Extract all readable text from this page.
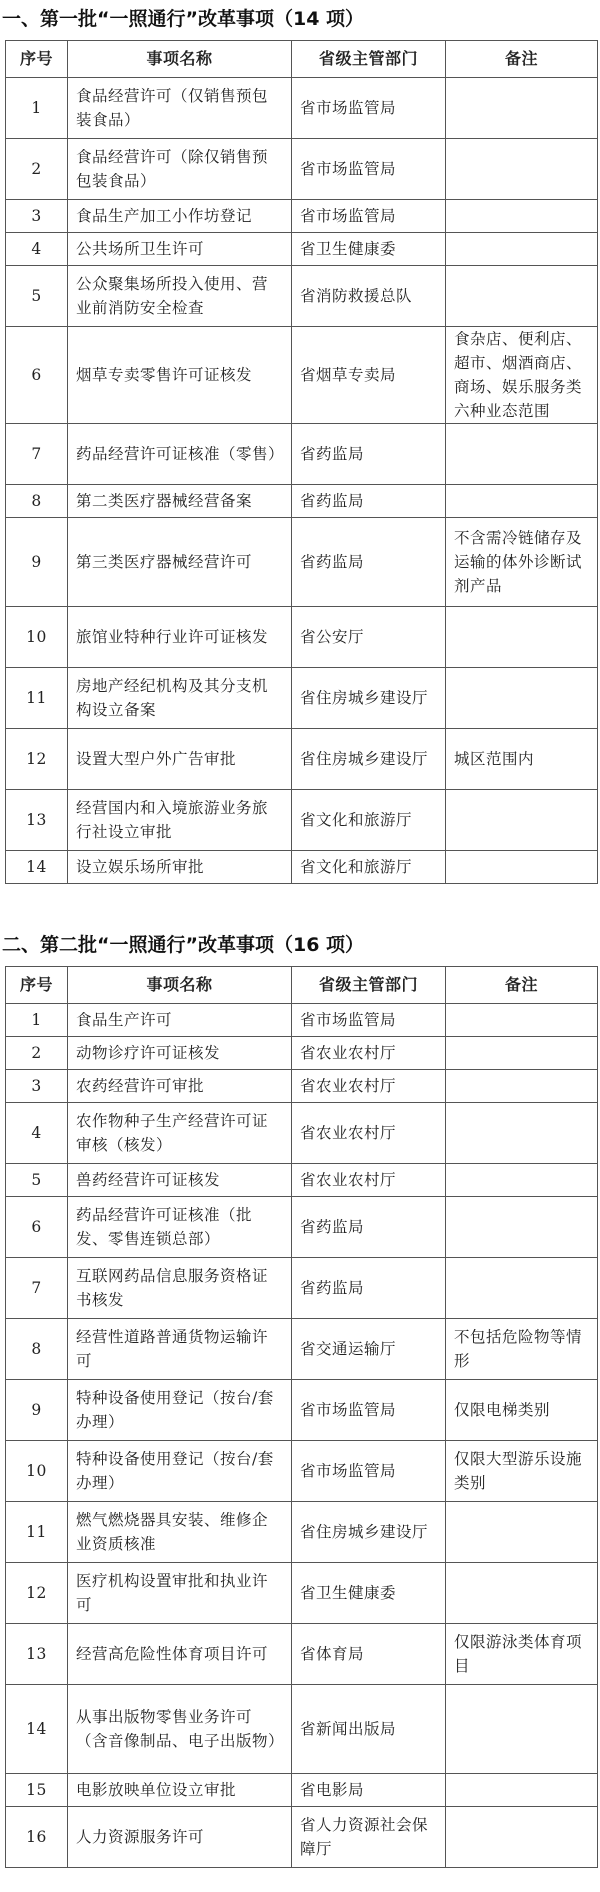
一、第一批“一照通行”改革事项（14 项）
序号	事项名称	省级主管部门	备注
1	食品经营许可（仅销售预包装食品）	省市场监管局	
2	食品经营许可（除仅销售预包装食品）	省市场监管局	
3	食品生产加工小作坊登记	省市场监管局	
4	公共场所卫生许可	省卫生健康委	
5	公众聚集场所投入使用、营业前消防安全检查	省消防救援总队	
6	烟草专卖零售许可证核发	省烟草专卖局	食杂店、便利店、超市、烟酒商店、商场、娱乐服务类六种业态范围
7	药品经营许可证核准（零售）	省药监局	
8	第二类医疗器械经营备案	省药监局	
9	第三类医疗器械经营许可	省药监局	不含需冷链储存及运输的体外诊断试剂产品
10	旅馆业特种行业许可证核发	省公安厅	
11	房地产经纪机构及其分支机构设立备案	省住房城乡建设厅	
12	设置大型户外广告审批	省住房城乡建设厅	城区范围内
13	经营国内和入境旅游业务旅行社设立审批	省文化和旅游厅	
14	设立娱乐场所审批	省文化和旅游厅	
二、第二批“一照通行”改革事项（16 项）
序号	事项名称	省级主管部门	备注
1	食品生产许可	省市场监管局	
2	动物诊疗许可证核发	省农业农村厅	
3	农药经营许可审批	省农业农村厅	
4	农作物种子生产经营许可证审核（核发）	省农业农村厅	
5	兽药经营许可证核发	省农业农村厅	
6	药品经营许可证核准（批发、零售连锁总部）	省药监局	
7	互联网药品信息服务资格证书核发	省药监局	
8	经营性道路普通货物运输许可	省交通运输厅	不包括危险物等情形
9	特种设备使用登记（按台/套办理）	省市场监管局	仅限电梯类别
10	特种设备使用登记（按台/套办理）	省市场监管局	仅限大型游乐设施类别
11	燃气燃烧器具安装、维修企业资质核准	省住房城乡建设厅	
12	医疗机构设置审批和执业许可	省卫生健康委	
13	经营高危险性体育项目许可	省体育局	仅限游泳类体育项目
14	从事出版物零售业务许可（含音像制品、电子出版物）	省新闻出版局	
15	电影放映单位设立审批	省电影局	
16	人力资源服务许可	省人力资源社会保障厅	
